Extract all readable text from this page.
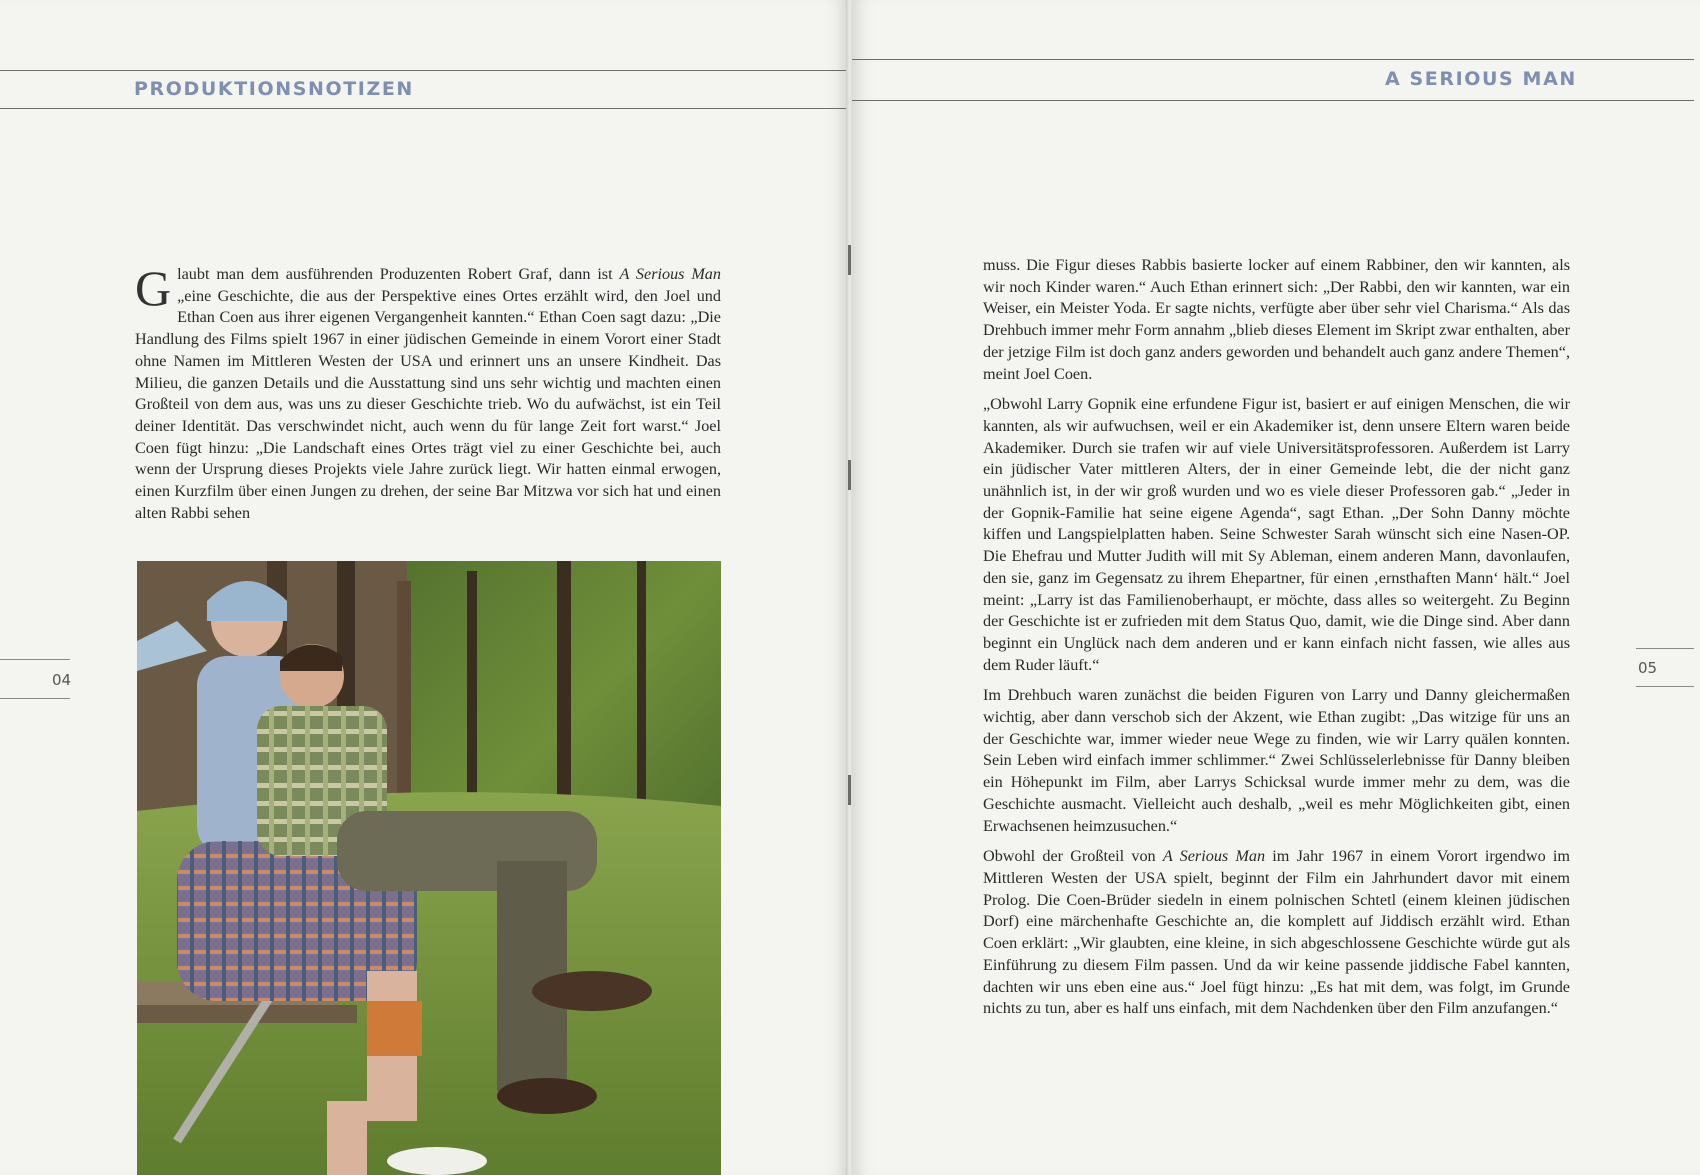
PRODUKTIONSNOTIZEN
04

Glaubt man dem ausführenden Produzenten Robert Graf, dann ist A Serious Man „eine Geschichte, die aus der Perspektive eines Ortes erzählt wird, den Joel und Ethan Coen aus ihrer eigenen Vergangenheit kannten.“ Ethan Coen sagt dazu: „Die Handlung des Films spielt 1967 in einer jüdischen Gemeinde in einem Vorort einer Stadt ohne Namen im Mittleren Westen der USA und erinnert uns an unsere Kindheit. Das Milieu, die ganzen Details und die Ausstattung sind uns sehr wichtig und machten einen Großteil von dem aus, was uns zu dieser Geschichte trieb. Wo du aufwächst, ist ein Teil deiner Identität. Das verschwindet nicht, auch wenn du für lange Zeit fort warst.“ Joel Coen fügt hinzu: „Die Landschaft eines Ortes trägt viel zu einer Geschichte bei, auch wenn der Ursprung dieses Projekts viele Jahre zurück liegt. Wir hatten einmal erwogen, einen Kurzfilm über einen Jungen zu drehen, der seine Bar Mitzwa vor sich hat und einen alten Rabbi sehen

A SERIOUS MAN
05

muss. Die Figur dieses Rabbis basierte locker auf einem Rabbiner, den wir kannten, als wir noch Kinder waren.“ Auch Ethan erinnert sich: „Der Rabbi, den wir kannten, war ein Weiser, ein Meister Yoda. Er sagte nichts, verfügte aber über sehr viel Charisma.“ Als das Drehbuch immer mehr Form annahm „blieb dieses Element im Skript zwar enthalten, aber der jetzige Film ist doch ganz anders geworden und behandelt auch ganz andere Themen“, meint Joel Coen.

„Obwohl Larry Gopnik eine erfundene Figur ist, basiert er auf einigen Menschen, die wir kannten, als wir aufwuchsen, weil er ein Akademiker ist, denn unsere Eltern waren beide Akademiker. Durch sie trafen wir auf viele Universitätsprofessoren. Außerdem ist Larry ein jüdischer Vater mittleren Alters, der in einer Gemeinde lebt, die der nicht ganz unähnlich ist, in der wir groß wurden und wo es viele dieser Professoren gab.“ „Jeder in der Gopnik-Familie hat seine eigene Agenda“, sagt Ethan. „Der Sohn Danny möchte kiffen und Langspielplatten haben. Seine Schwester Sarah wünscht sich eine Nasen-OP. Die Ehefrau und Mutter Judith will mit Sy Ableman, einem anderen Mann, davonlaufen, den sie, ganz im Gegensatz zu ihrem Ehepartner, für einen ‚ernsthaften Mann‘ hält.“ Joel meint: „Larry ist das Familienoberhaupt, er möchte, dass alles so weitergeht. Zu Beginn der Geschichte ist er zufrieden mit dem Status Quo, damit, wie die Dinge sind. Aber dann beginnt ein Unglück nach dem anderen und er kann einfach nicht fassen, wie alles aus dem Ruder läuft.“

Im Drehbuch waren zunächst die beiden Figuren von Larry und Danny gleichermaßen wichtig, aber dann verschob sich der Akzent, wie Ethan zugibt: „Das witzige für uns an der Geschichte war, immer wieder neue Wege zu finden, wie wir Larry quälen konnten. Sein Leben wird einfach immer schlimmer.“ Zwei Schlüsselerlebnisse für Danny bleiben ein Höhepunkt im Film, aber Larrys Schicksal wurde immer mehr zu dem, was die Geschichte ausmacht. Vielleicht auch deshalb, „weil es mehr Möglichkeiten gibt, einen Erwachsenen heimzusuchen.“

Obwohl der Großteil von A Serious Man im Jahr 1967 in einem Vorort irgendwo im Mittleren Westen der USA spielt, beginnt der Film ein Jahrhundert davor mit einem Prolog. Die Coen-Brüder siedeln in einem polnischen Schtetl (einem kleinen jüdischen Dorf) eine märchenhafte Geschichte an, die komplett auf Jiddisch erzählt wird. Ethan Coen erklärt: „Wir glaubten, eine kleine, in sich abgeschlossene Geschichte würde gut als Einführung zu diesem Film passen. Und da wir keine passende jiddische Fabel kannten, dachten wir uns eben eine aus.“ Joel fügt hinzu: „Es hat mit dem, was folgt, im Grunde nichts zu tun, aber es half uns einfach, mit dem Nachdenken über den Film anzufangen.“
